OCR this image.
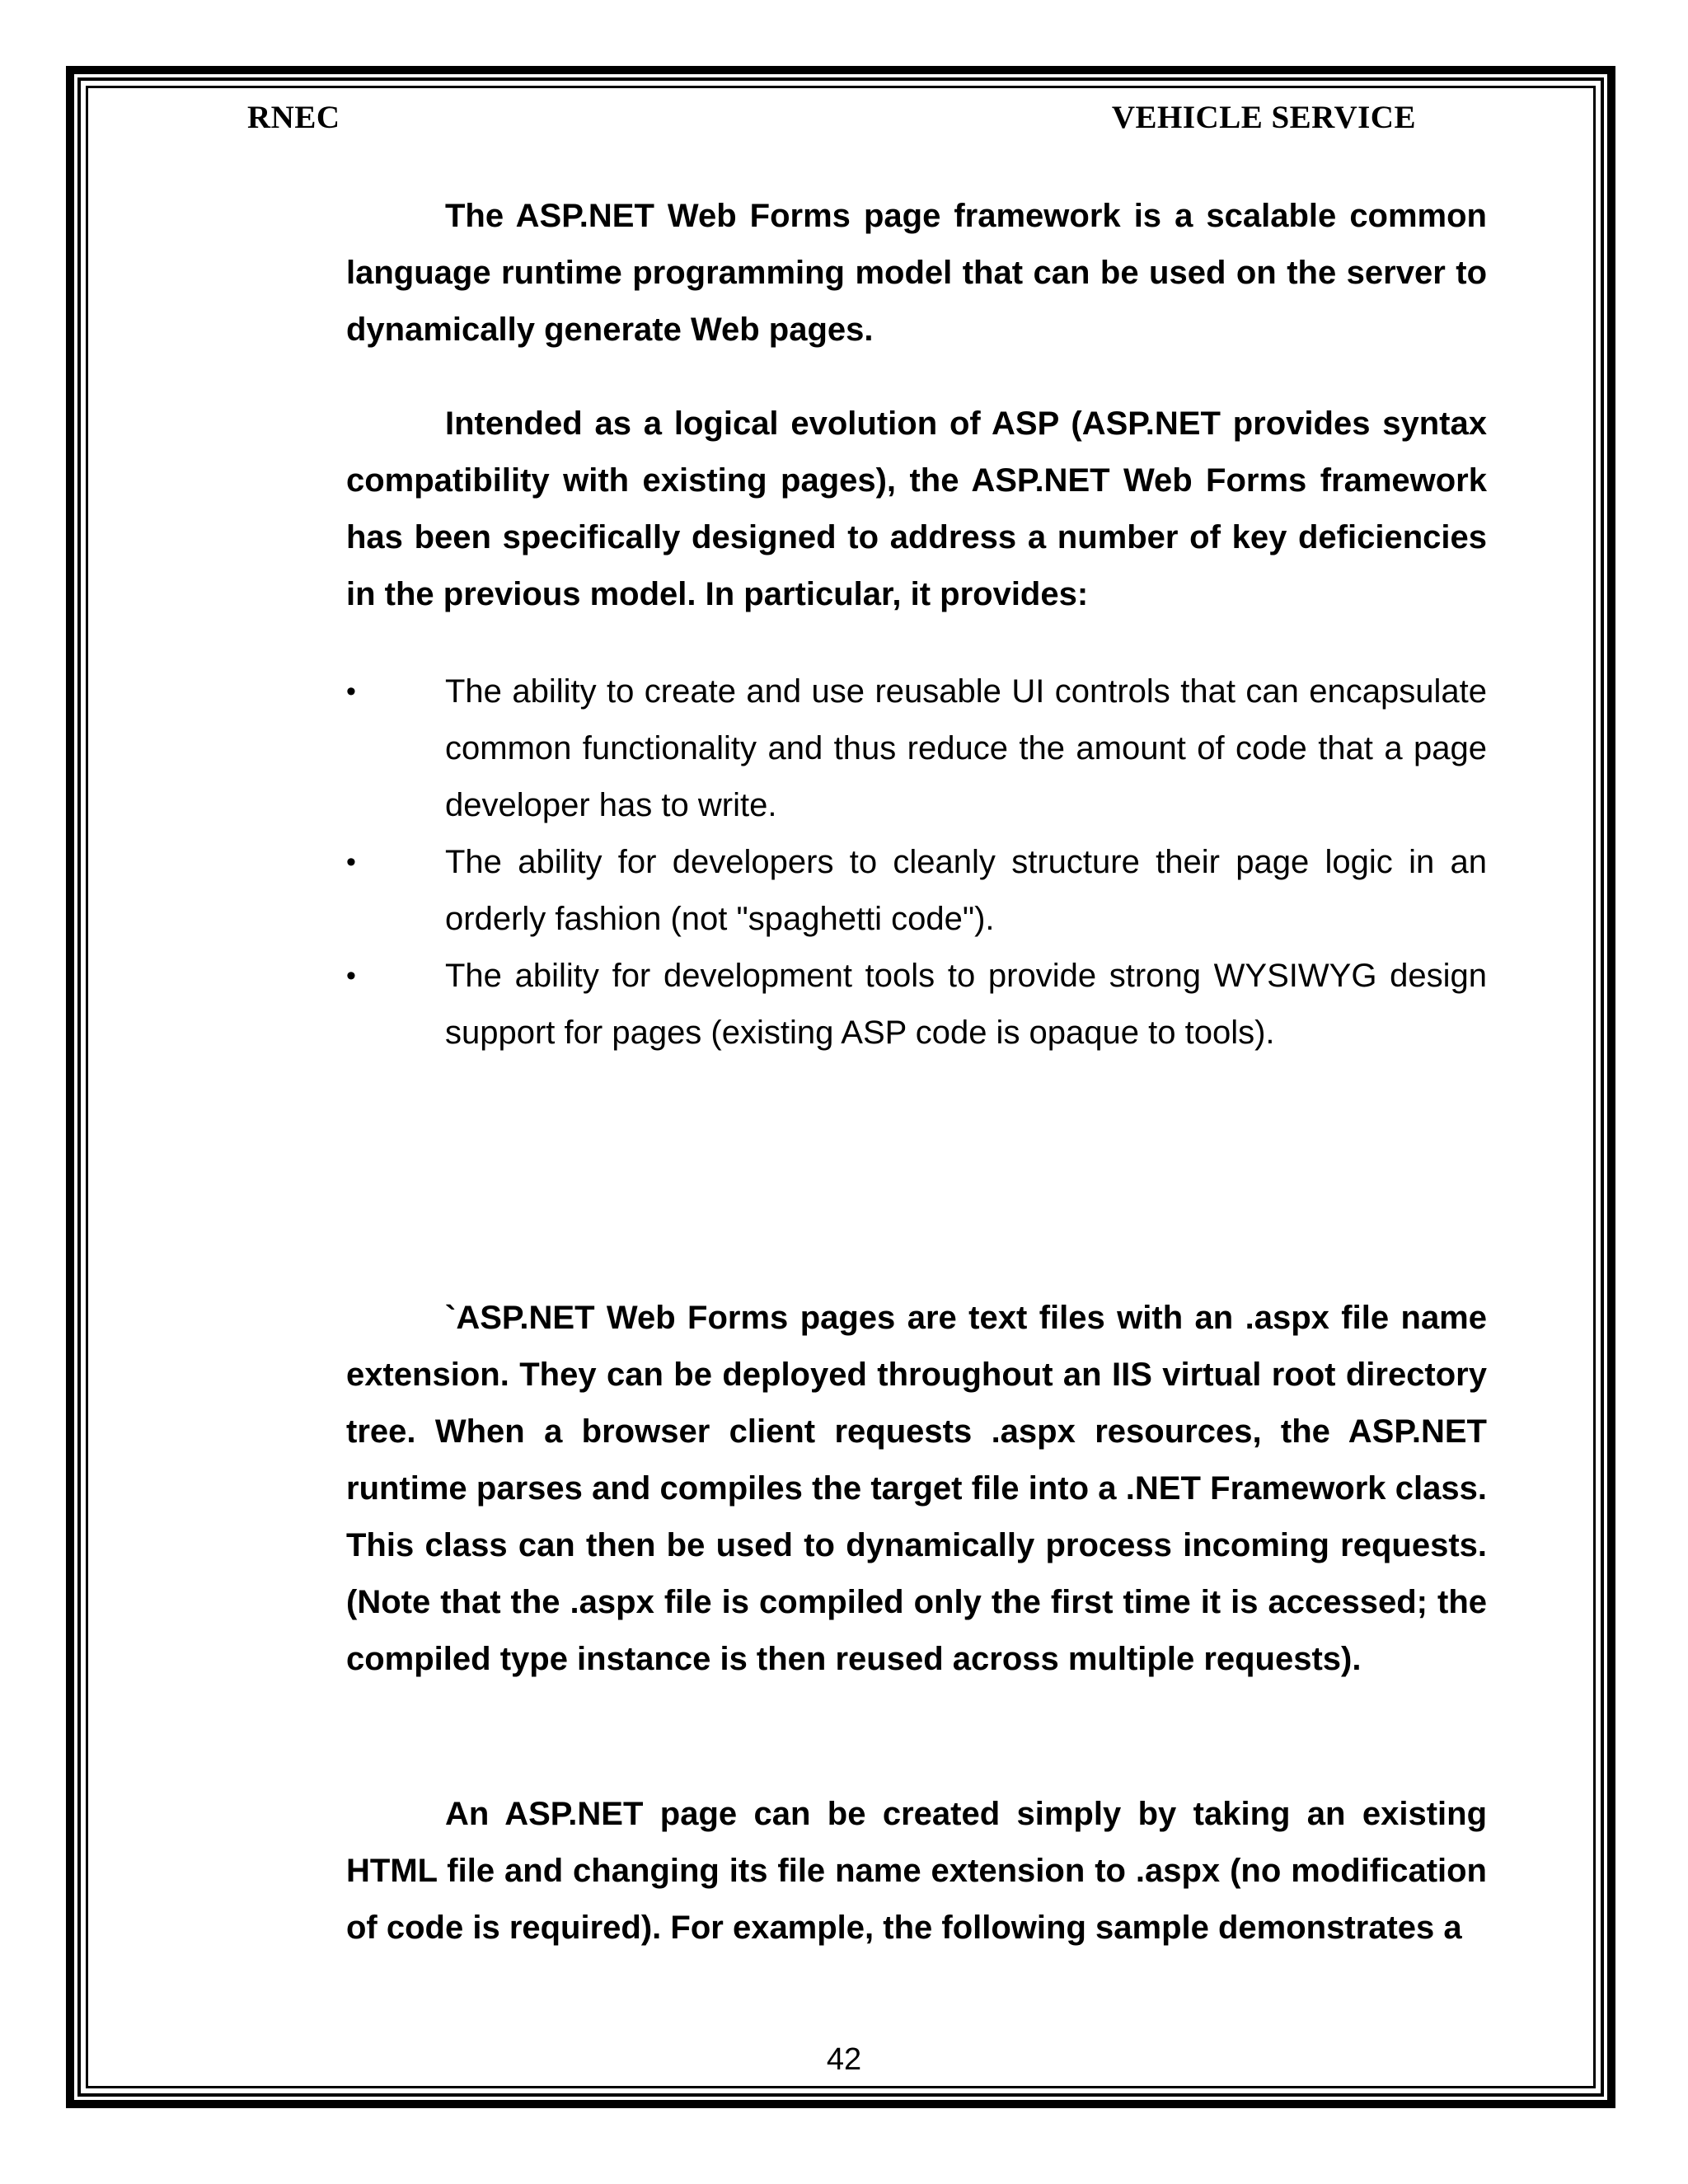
RNEC	VEHICLE SERVICE

The ASP.NET Web Forms page framework is a scalable common language runtime programming model that can be used on the server to dynamically generate Web pages.

Intended as a logical evolution of ASP (ASP.NET provides syntax compatibility with existing pages), the ASP.NET Web Forms framework has been specifically designed to address a number of key deficiencies in the previous model. In particular, it provides:

•	The ability to create and use reusable UI controls that can encapsulate common functionality and thus reduce the amount of code that a page developer has to write.
•	The ability for developers to cleanly structure their page logic in an orderly fashion (not "spaghetti code").
•	The ability for development tools to provide strong WYSIWYG design support for pages (existing ASP code is opaque to tools).

`ASP.NET Web Forms pages are text files with an .aspx file name extension. They can be deployed throughout an IIS virtual root directory tree. When a browser client requests .aspx resources, the ASP.NET runtime parses and compiles the target file into a .NET Framework class. This class can then be used to dynamically process incoming requests. (Note that the .aspx file is compiled only the first time it is accessed; the compiled type instance is then reused across multiple requests).

An ASP.NET page can be created simply by taking an existing HTML file and changing its file name extension to .aspx (no modification of code is required). For example, the following sample demonstrates a

42
